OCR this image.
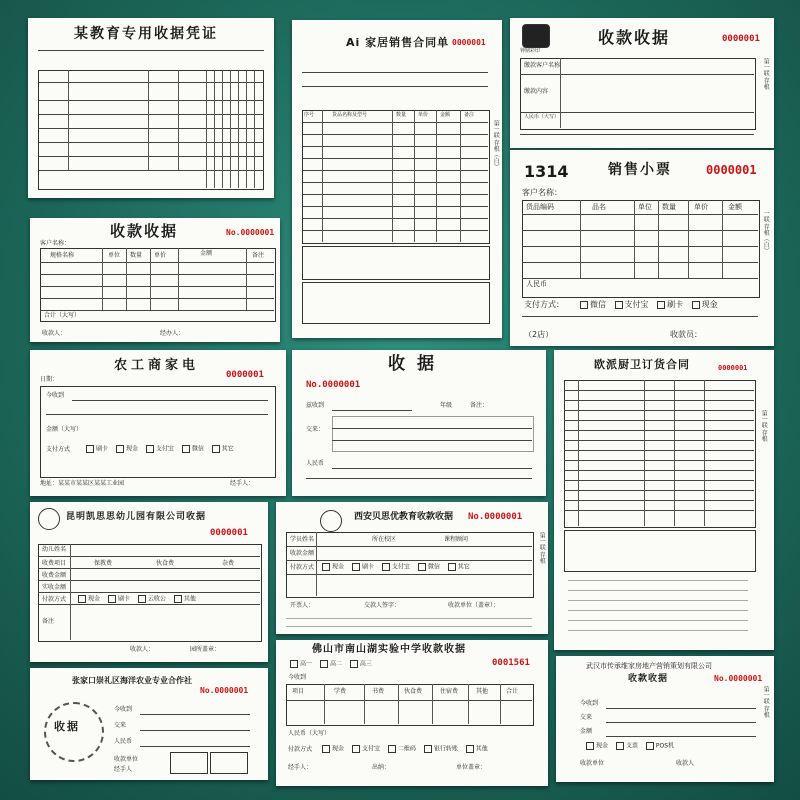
某教育专用收据凭证
Ai 家居销售合同单 0000001
序号	货品名称及型号	数量 单价 金额	备注
第一联 存根（白）
钟鼎彩印
收款收据	0000001
缴款客户名称
缴款内容
人民币（大写）
第一联 存根
1314	销售小票	0000001
客户名称：
货品编码	品名	单位 数量	单价	金额
人民币
支付方式：	微信 支付宝 刷卡 现金
（2店）	收款员：
一联 存根（白）
收款收据	No.0000001
客户名称：
规格名称	单位 数量 单价	金额	备注
合计（大写）
收款人：	经办人：
农工商家电
0000001
日期：
今收到
金额（大写）
支付方式	刷卡	现金	支付宝	微信	其它
地址：某某市某某区某某工业园	经手人：
收据
No.0000001
兹收到	年级	备注：
交来：
人民币
欧派厨卫订货合同	0000001
第一联 存根
昆明凯思思幼儿园有限公司收据
0000001
幼儿姓名
收费项目	保教费	伙食费	杂费
收费金额
实收金额
付款方式	现金	刷卡	云收公	其他
备注
收款人：	园所盖章：
西安贝思优教育收款收据 No.0000001
学员姓名	所在校区	课程顾问
收款金额
付款方式	现金	刷卡	支付宝	微信	其它
开票人：	交款人签字：	收款单位（盖章）：
第一联 存根
张家口崇礼区海洋农业专业合作社
No.0000001
收据
今收到
交来
人民币
收款单位
经手人
佛山市南山湖实验中学收款收据
高一	高二	高三	0001561
今收到
项目	学费	书费	伙食费	住宿费	其他	合计
人民币（大写）
付款方式	现金	支付宝	二维码	银行转账	其他
经手人：	出纳：	单位盖章：
武汉市传承维家房地产营销策划有限公司
收款收据	No.0000001
今收到
交来
金额
现金	支票	POS机
收款单位	收款人
第一联 存根
